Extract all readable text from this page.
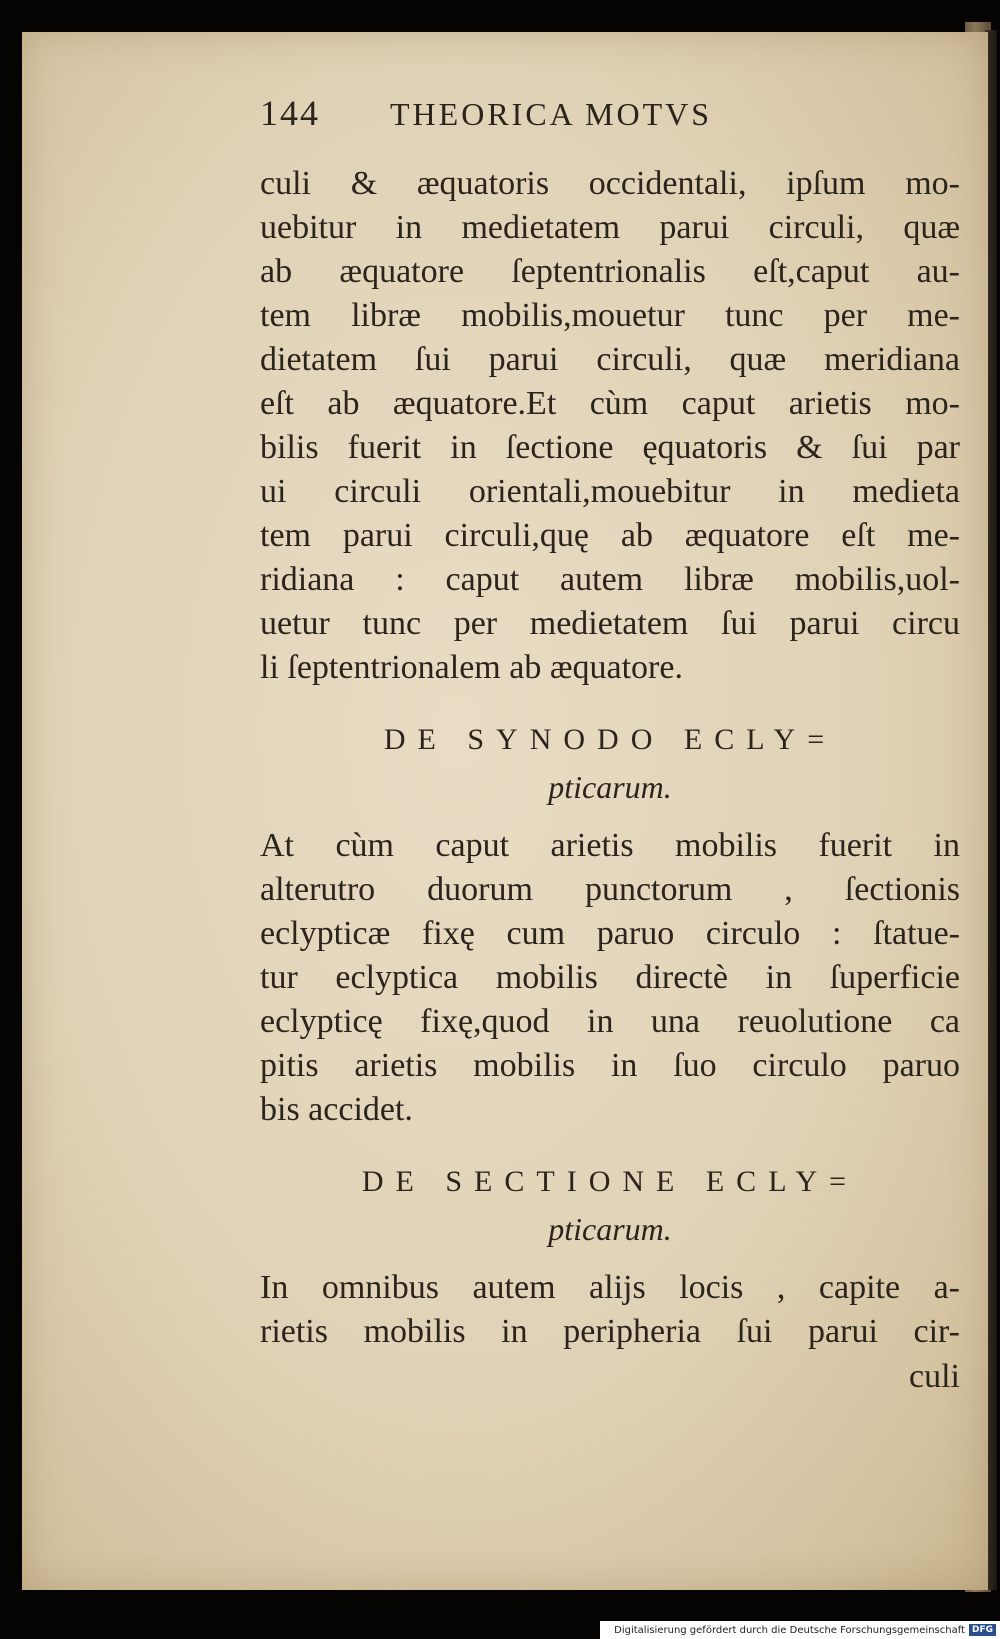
144	THEORICA MOTVS
culi & æquatoris occidentali, ipſum mo-
uebitur in medietatem parui circuli, quæ
ab æquatore ſeptentrionalis eſt,caput au-
tem libræ mobilis,mouetur tunc per me-
dietatem ſui parui circuli, quæ meridiana
eſt ab æquatore.Et cùm caput arietis mo-
bilis fuerit in ſectione ęquatoris & ſui par
ui circuli orientali,mouebitur in medieta
tem parui circuli,quę ab æquatore eſt me-
ridiana : caput autem libræ mobilis,uol-
uetur tunc per medietatem ſui parui circu
li ſeptentrionalem ab æquatore.
DE SYNODO ECLY=
pticarum.
At cùm caput arietis mobilis fuerit in
alterutro duorum punctorum , ſectionis
eclypticæ fixę cum paruo circulo : ſtatue-
tur eclyptica mobilis directè in ſuperficie
eclypticę fixę,quod in una reuolutione ca
pitis arietis mobilis in ſuo circulo paruo
bis accidet.
DE SECTIONE ECLY=
pticarum.
In omnibus autem alijs locis , capite a-
rietis mobilis in peripheria ſui parui cir-
culi
Digitalisierung gefördert durch die Deutsche Forschungsgemeinschaft DFG
